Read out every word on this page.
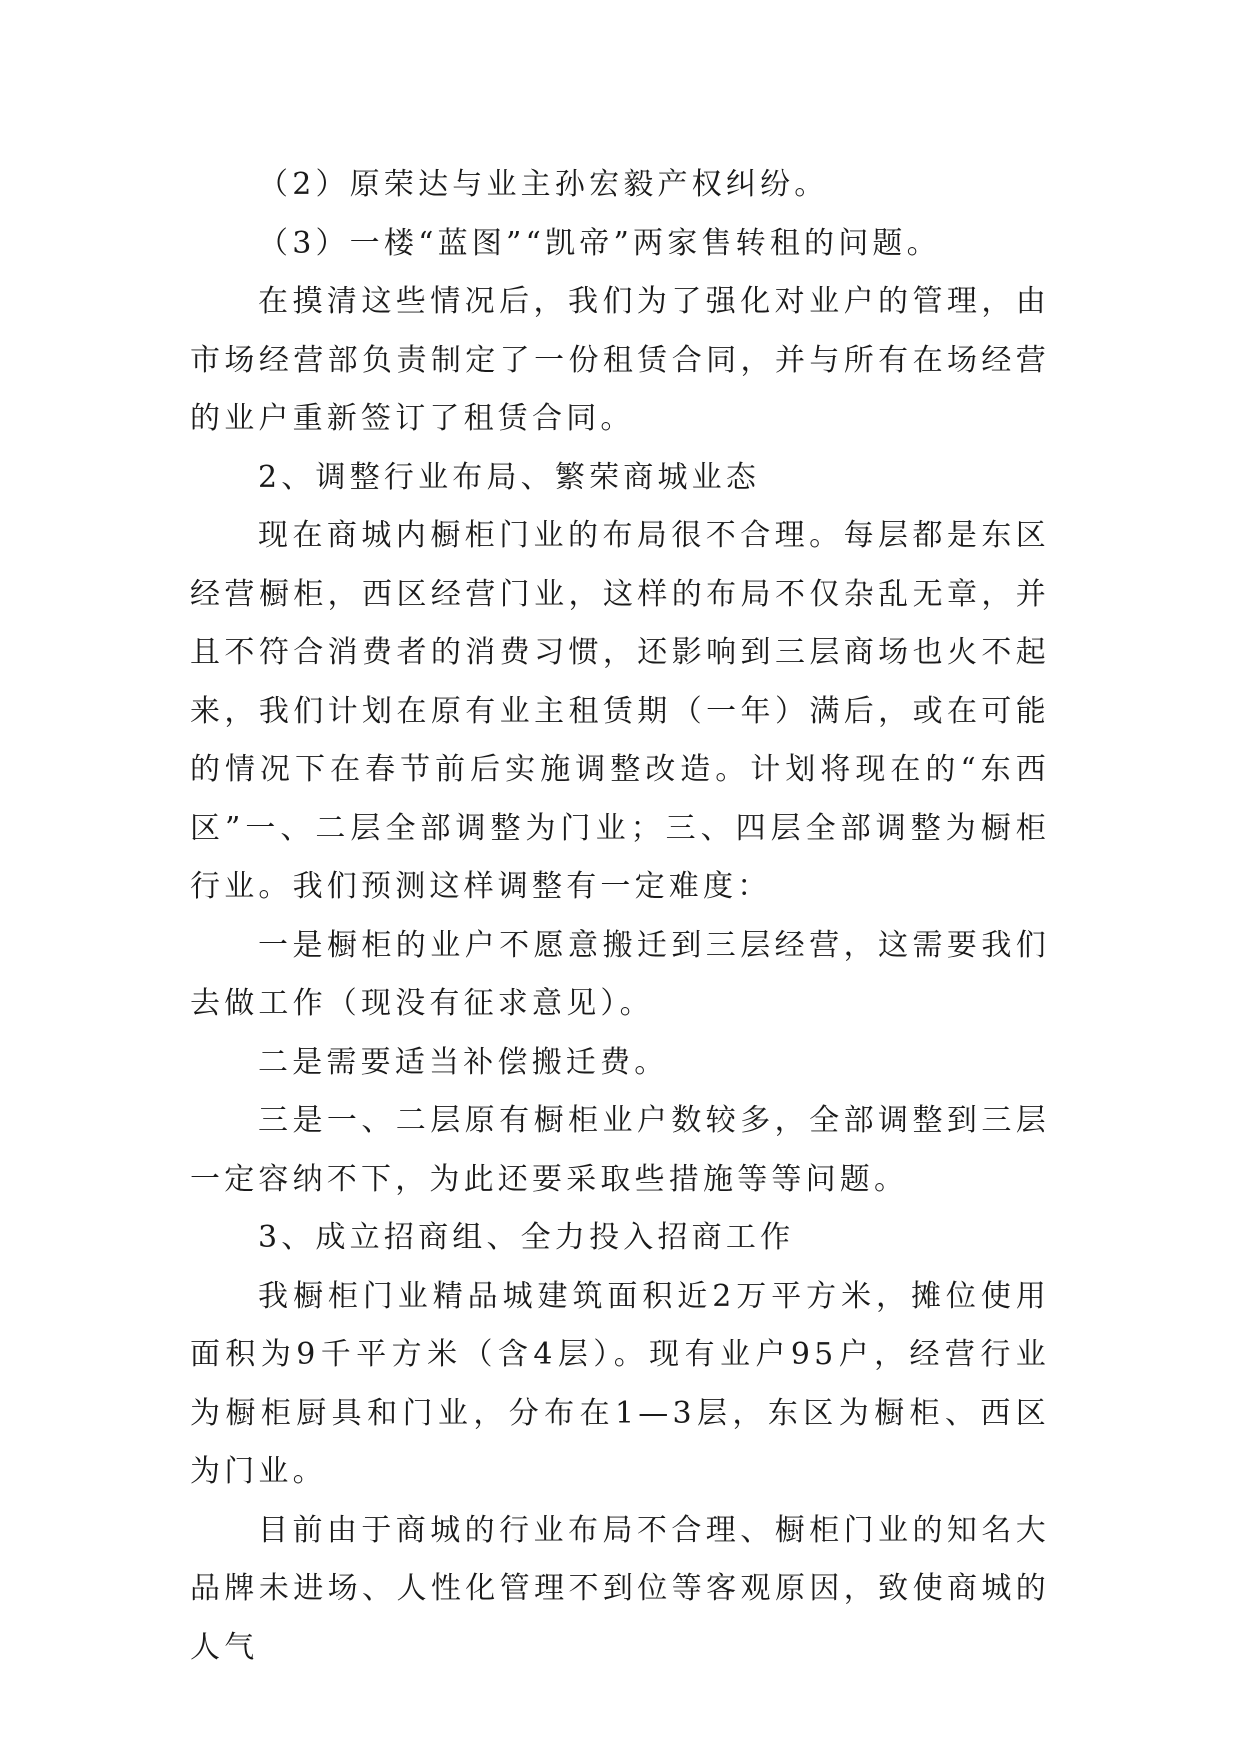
（2）原荣达与业主孙宏毅产权纠纷。

（3）一楼“蓝图”“凯帝”两家售转租的问题。

在摸清这些情况后，我们为了强化对业户的管理，由市场经营部负责制定了一份租赁合同，并与所有在场经营的业户重新签订了租赁合同。

2、调整行业布局、繁荣商城业态

现在商城内橱柜门业的布局很不合理。每层都是东区经营橱柜，西区经营门业，这样的布局不仅杂乱无章，并且不符合消费者的消费习惯，还影响到三层商场也火不起来，我们计划在原有业主租赁期（一年）满后，或在可能的情况下在春节前后实施调整改造。计划将现在的“东西区”一、二层全部调整为门业；三、四层全部调整为橱柜行业。我们预测这样调整有一定难度：

一是橱柜的业户不愿意搬迁到三层经营，这需要我们去做工作（现没有征求意见）。

二是需要适当补偿搬迁费。

三是一、二层原有橱柜业户数较多，全部调整到三层一定容纳不下，为此还要采取些措施等等问题。

3、成立招商组、全力投入招商工作

我橱柜门业精品城建筑面积近2万平方米，摊位使用面积为9千平方米（含4层）。现有业户95户，经营行业为橱柜厨具和门业，分布在1—3层，东区为橱柜、西区为门业。

目前由于商城的行业布局不合理、橱柜门业的知名大品牌未进场、人性化管理不到位等客观原因，致使商城的人气
